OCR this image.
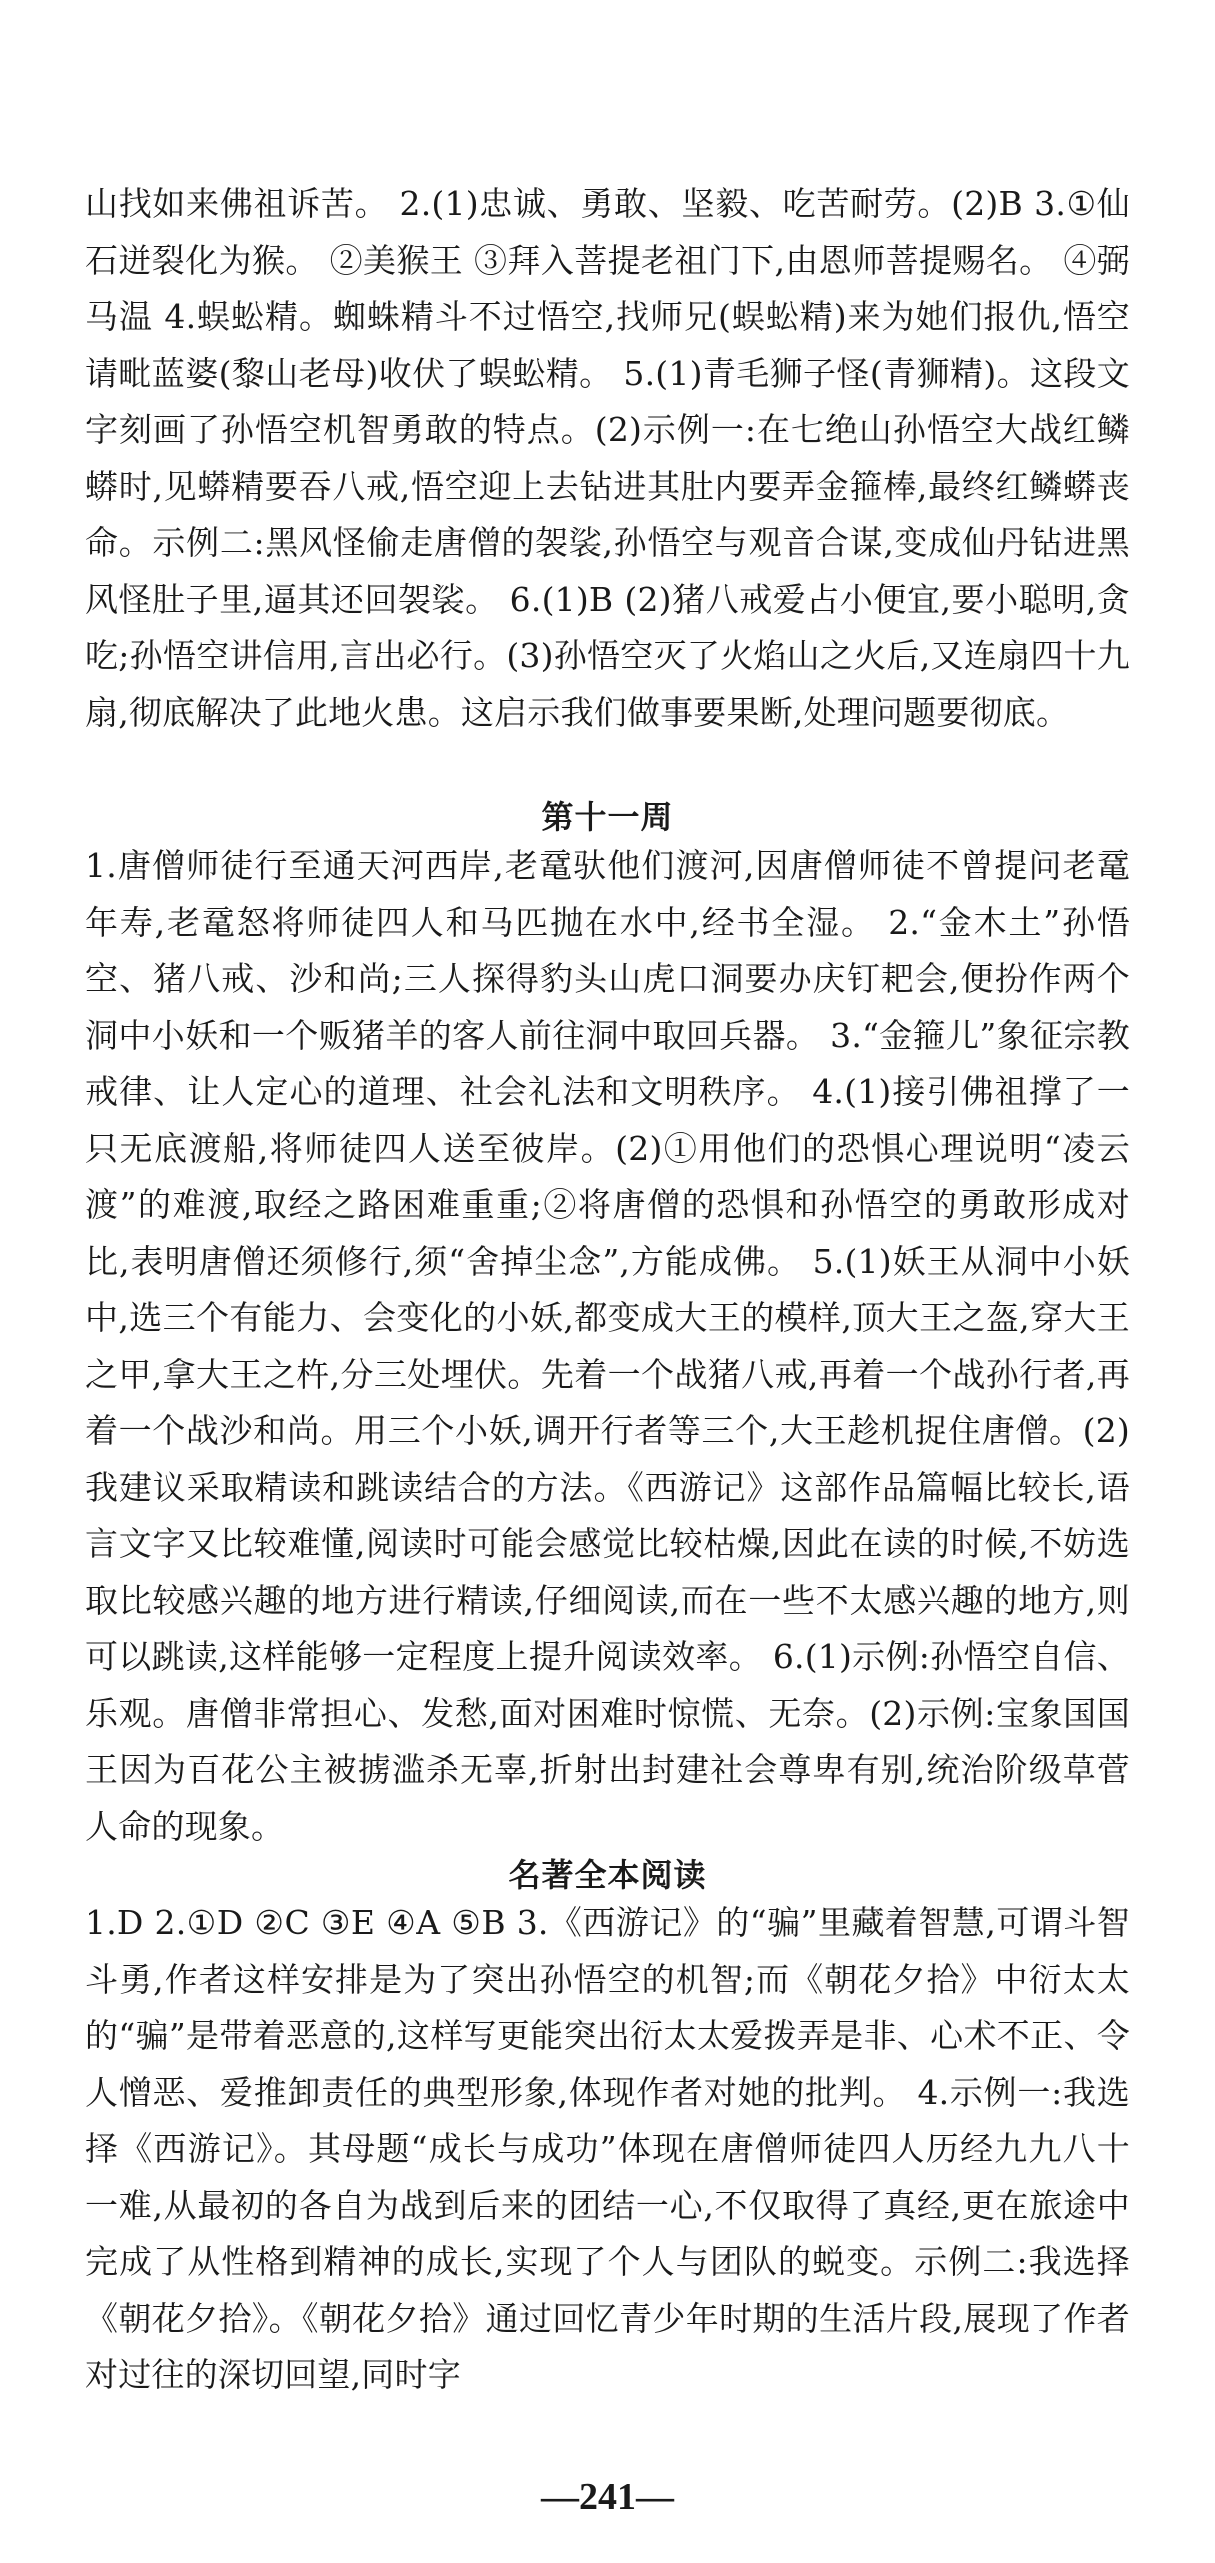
山找如来佛祖诉苦。 2.(1)忠诚、勇敢、坚毅、吃苦耐劳。(2)B 3.①仙石迸裂化为猴。 ②美猴王 ③拜入菩提老祖门下,由恩师菩提赐名。 ④弼马温 4.蜈蚣精。蜘蛛精斗不过悟空,找师兄(蜈蚣精)来为她们报仇,悟空请毗蓝婆(黎山老母)收伏了蜈蚣精。 5.(1)青毛狮子怪(青狮精)。这段文字刻画了孙悟空机智勇敢的特点。(2)示例一:在七绝山孙悟空大战红鳞蟒时,见蟒精要吞八戒,悟空迎上去钻进其肚内要弄金箍棒,最终红鳞蟒丧命。示例二:黑风怪偷走唐僧的袈裟,孙悟空与观音合谋,变成仙丹钻进黑风怪肚子里,逼其还回袈裟。 6.(1)B (2)猪八戒爱占小便宜,要小聪明,贪吃;孙悟空讲信用,言出必行。(3)孙悟空灭了火焰山之火后,又连扇四十九扇,彻底解决了此地火患。这启示我们做事要果断,处理问题要彻底。

第十一周

1.唐僧师徒行至通天河西岸,老鼋驮他们渡河,因唐僧师徒不曾提问老鼋年寿,老鼋怒将师徒四人和马匹抛在水中,经书全湿。 2.“金木土”孙悟空、猪八戒、沙和尚;三人探得豹头山虎口洞要办庆钉耙会,便扮作两个洞中小妖和一个贩猪羊的客人前往洞中取回兵器。 3.“金箍儿”象征宗教戒律、让人定心的道理、社会礼法和文明秩序。 4.(1)接引佛祖撑了一只无底渡船,将师徒四人送至彼岸。(2)①用他们的恐惧心理说明“凌云渡”的难渡,取经之路困难重重;②将唐僧的恐惧和孙悟空的勇敢形成对比,表明唐僧还须修行,须“舍掉尘念”,方能成佛。 5.(1)妖王从洞中小妖中,选三个有能力、会变化的小妖,都变成大王的模样,顶大王之盔,穿大王之甲,拿大王之杵,分三处埋伏。先着一个战猪八戒,再着一个战孙行者,再着一个战沙和尚。用三个小妖,调开行者等三个,大王趁机捉住唐僧。(2)我建议采取精读和跳读结合的方法。《西游记》这部作品篇幅比较长,语言文字又比较难懂,阅读时可能会感觉比较枯燥,因此在读的时候,不妨选取比较感兴趣的地方进行精读,仔细阅读,而在一些不太感兴趣的地方,则可以跳读,这样能够一定程度上提升阅读效率。 6.(1)示例:孙悟空自信、乐观。唐僧非常担心、发愁,面对困难时惊慌、无奈。(2)示例:宝象国国王因为百花公主被掳滥杀无辜,折射出封建社会尊卑有别,统治阶级草菅人命的现象。

名著全本阅读

1.D 2.①D ②C ③E ④A ⑤B 3.《西游记》的“骗”里藏着智慧,可谓斗智斗勇,作者这样安排是为了突出孙悟空的机智;而《朝花夕拾》中衍太太的“骗”是带着恶意的,这样写更能突出衍太太爱拨弄是非、心术不正、令人憎恶、爱推卸责任的典型形象,体现作者对她的批判。 4.示例一:我选择《西游记》。其母题“成长与成功”体现在唐僧师徒四人历经九九八十一难,从最初的各自为战到后来的团结一心,不仅取得了真经,更在旅途中完成了从性格到精神的成长,实现了个人与团队的蜕变。示例二:我选择《朝花夕拾》。《朝花夕拾》通过回忆青少年时期的生活片段,展现了作者对过往的深切回望,同时字

—241—
